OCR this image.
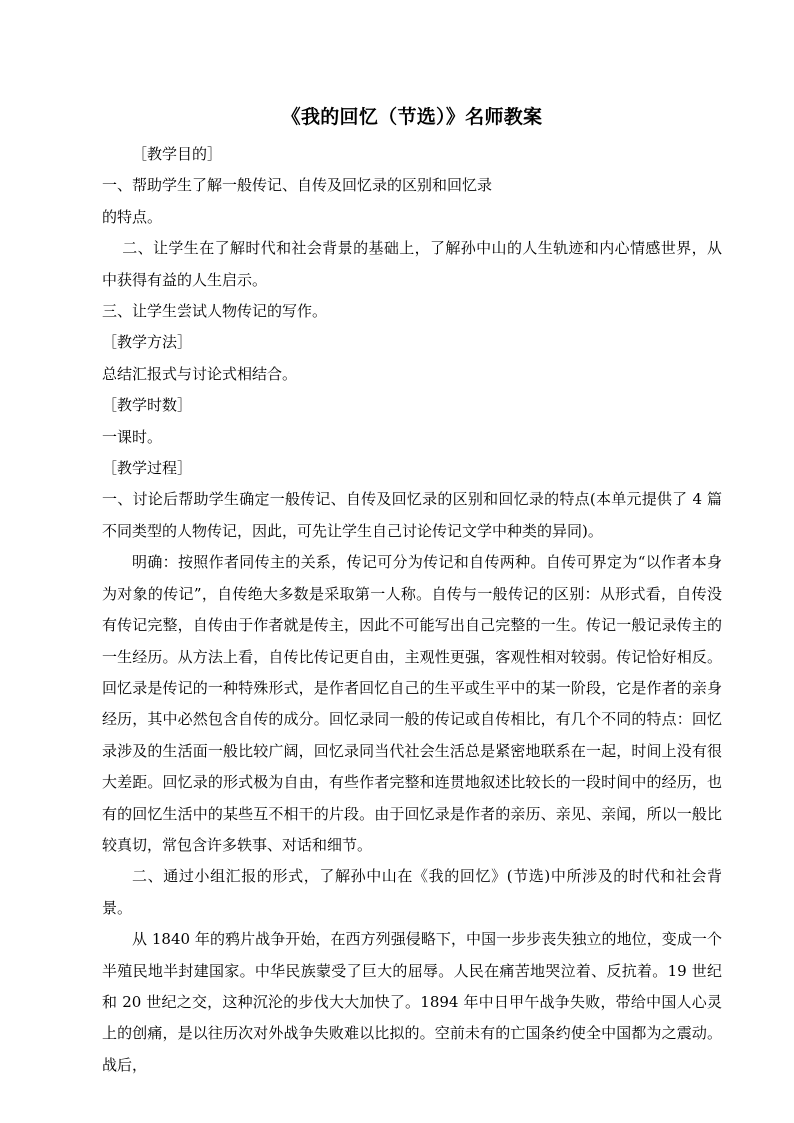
《我的回忆（节选）》名师教案

［教学目的］

一、帮助学生了解一般传记、自传及回忆录的区别和回忆录

的特点。

二、让学生在了解时代和社会背景的基础上，了解孙中山的人生轨迹和内心情感世界，从中获得有益的人生启示。

三、让学生尝试人物传记的写作。

［教学方法］

总结汇报式与讨论式相结合。

［教学时数］

一课时。

［教学过程］

一、讨论后帮助学生确定一般传记、自传及回忆录的区别和回忆录的特点(本单元提供了 4 篇不同类型的人物传记，因此，可先让学生自己讨论传记文学中种类的异同)。

明确：按照作者同传主的关系，传记可分为传记和自传两种。自传可界定为“以作者本身为对象的传记”，自传绝大多数是采取第一人称。自传与一般传记的区别：从形式看，自传没有传记完整，自传由于作者就是传主，因此不可能写出自己完整的一生。传记一般记录传主的一生经历。从方法上看，自传比传记更自由，主观性更强，客观性相对较弱。传记恰好相反。回忆录是传记的一种特殊形式，是作者回忆自己的生平或生平中的某一阶段，它是作者的亲身经历，其中必然包含自传的成分。回忆录同一般的传记或自传相比，有几个不同的特点：回忆录涉及的生活面一般比较广阔，回忆录同当代社会生活总是紧密地联系在一起，时间上没有很大差距。回忆录的形式极为自由，有些作者完整和连贯地叙述比较长的一段时间中的经历，也有的回忆生活中的某些互不相干的片段。由于回忆录是作者的亲历、亲见、亲闻，所以一般比较真切，常包含许多轶事、对话和细节。

二、通过小组汇报的形式，了解孙中山在《我的回忆》(节选)中所涉及的时代和社会背景。

从 1840 年的鸦片战争开始，在西方列强侵略下，中国一步步丧失独立的地位，变成一个半殖民地半封建国家。中华民族蒙受了巨大的屈辱。人民在痛苦地哭泣着、反抗着。19 世纪和 20 世纪之交，这种沉沦的步伐大大加快了。1894 年中日甲午战争失败，带给中国人心灵上的创痛，是以往历次对外战争失败难以比拟的。空前未有的亡国条约使全中国都为之震动。战后，
